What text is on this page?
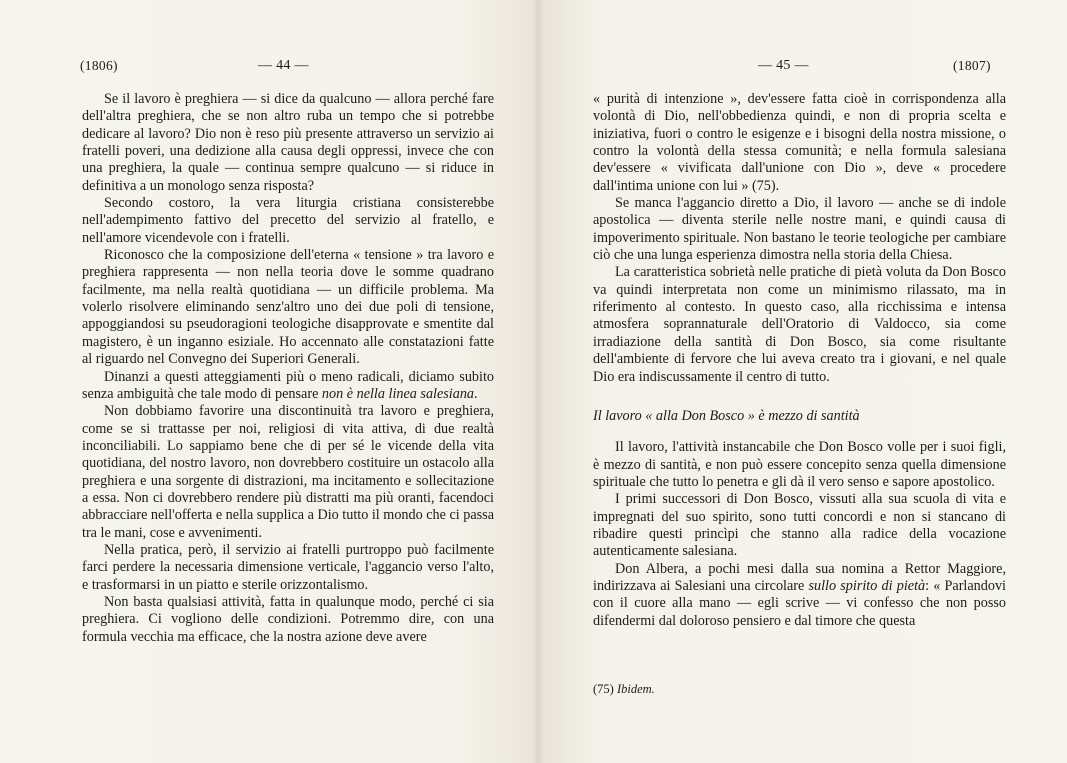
(1806)	— 44 —	— 45 —	(1807)

Se il lavoro è preghiera — si dice da qualcuno — allora perché fare dell'altra preghiera, che se non altro ruba un tempo che si potrebbe dedicare al lavoro? Dio non è reso più presente attraverso un servizio ai fratelli poveri, una dedizione alla causa degli oppressi, invece che con una preghiera, la quale — continua sempre qualcuno — si riduce in definitiva a un monologo senza risposta?

Secondo costoro, la vera liturgia cristiana consisterebbe nell'adempimento fattivo del precetto del servizio al fratello, e nell'amore vicendevole con i fratelli.

Riconosco che la composizione dell'eterna « tensione » tra lavoro e preghiera rappresenta — non nella teoria dove le somme quadrano facilmente, ma nella realtà quotidiana — un difficile problema. Ma volerlo risolvere eliminando senz'altro uno dei due poli di tensione, appoggiandosi su pseudoragioni teologiche disapprovate e smentite dal magistero, è un inganno esiziale. Ho accennato alle constatazioni fatte al riguardo nel Convegno dei Superiori Generali.

Dinanzi a questi atteggiamenti più o meno radicali, diciamo subito senza ambiguità che tale modo di pensare non è nella linea salesiana.

Non dobbiamo favorire una discontinuità tra lavoro e preghiera, come se si trattasse per noi, religiosi di vita attiva, di due realtà inconciliabili. Lo sappiamo bene che di per sé le vicende della vita quotidiana, del nostro lavoro, non dovrebbero costituire un ostacolo alla preghiera e una sorgente di distrazioni, ma incitamento e sollecitazione a essa. Non ci dovrebbero rendere più distratti ma più oranti, facendoci abbracciare nell'offerta e nella supplica a Dio tutto il mondo che ci passa tra le mani, cose e avvenimenti.

Nella pratica, però, il servizio ai fratelli purtroppo può facilmente farci perdere la necessaria dimensione verticale, l'aggancio verso l'alto, e trasformarsi in un piatto e sterile orizzontalismo.

Non basta qualsiasi attività, fatta in qualunque modo, perché ci sia preghiera. Ci vogliono delle condizioni. Potremmo dire, con una formula vecchia ma efficace, che la nostra azione deve avere

« purità di intenzione », dev'essere fatta cioè in corrispondenza alla volontà di Dio, nell'obbedienza quindi, e non di propria scelta e iniziativa, fuori o contro le esigenze e i bisogni della nostra missione, o contro la volontà della stessa comunità; e nella formula salesiana dev'essere « vivificata dall'unione con Dio », deve « procedere dall'intima unione con lui » (75).

Se manca l'aggancio diretto a Dio, il lavoro — anche se di indole apostolica — diventa sterile nelle nostre mani, e quindi causa di impoverimento spirituale. Non bastano le teorie teologiche per cambiare ciò che una lunga esperienza dimostra nella storia della Chiesa.

La caratteristica sobrietà nelle pratiche di pietà voluta da Don Bosco va quindi interpretata non come un minimismo rilassato, ma in riferimento al contesto. In questo caso, alla ricchissima e intensa atmosfera soprannaturale dell'Oratorio di Valdocco, sia come irradiazione della santità di Don Bosco, sia come risultante dell'ambiente di fervore che lui aveva creato tra i giovani, e nel quale Dio era indiscussamente il centro di tutto.

Il lavoro « alla Don Bosco » è mezzo di santità

Il lavoro, l'attività instancabile che Don Bosco volle per i suoi figli, è mezzo di santità, e non può essere concepito senza quella dimensione spirituale che tutto lo penetra e gli dà il vero senso e sapore apostolico.

I primi successori di Don Bosco, vissuti alla sua scuola di vita e impregnati del suo spirito, sono tutti concordi e non si stancano di ribadire questi princìpi che stanno alla radice della vocazione autenticamente salesiana.

Don Albera, a pochi mesi dalla sua nomina a Rettor Maggiore, indirizzava ai Salesiani una circolare sullo spirito di pietà: « Parlandovi con il cuore alla mano — egli scrive — vi confesso che non posso difendermi dal doloroso pensiero e dal timore che questa

(75) Ibidem.
